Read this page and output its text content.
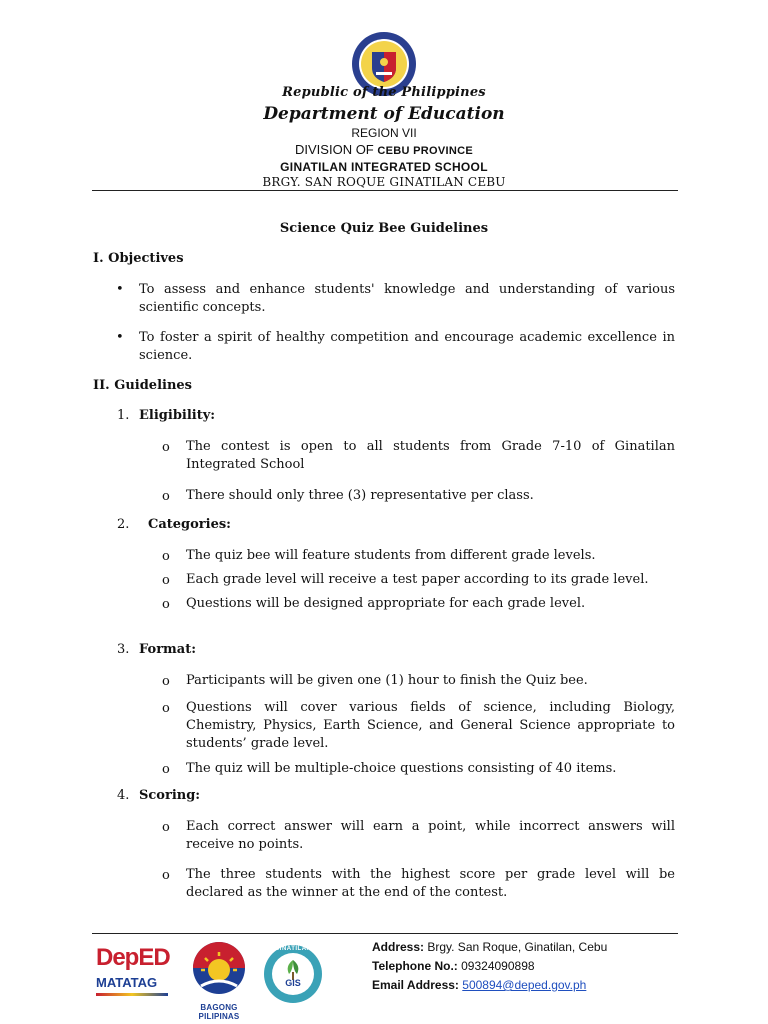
Republic of the Philippines
Department of Education
REGION VII
DIVISION OF CEBU PROVINCE
GINATILAN INTEGRATED SCHOOL
BRGY. SAN ROQUE GINATILAN CEBU
Science Quiz Bee Guidelines
I. Objectives
• To assess and enhance students' knowledge and understanding of various scientific concepts.
• To foster a spirit of healthy competition and encourage academic excellence in science.
II. Guidelines
1. Eligibility:
o The contest is open to all students from Grade 7-10 of Ginatilan Integrated School
o There should only three (3) representative per class.
2. Categories:
o The quiz bee will feature students from different grade levels.
o Each grade level will receive a test paper according to its grade level.
o Questions will be designed appropriate for each grade level.
3. Format:
o Participants will be given one (1) hour to finish the Quiz bee.
o Questions will cover various fields of science, including Biology, Chemistry, Physics, Earth Science, and General Science appropriate to students’ grade level.
o The quiz will be multiple-choice questions consisting of 40 items.
4. Scoring:
o Each correct answer will earn a point, while incorrect answers will receive no points.
o The three students with the highest score per grade level will be declared as the winner at the end of the contest.
DepED
MATATAG
BAGONG PILIPINAS
GIS
GINATILAN	Address: Brgy. San Roque, Ginatilan, Cebu
Telephone No.: 09324090898
Email Address: 500894@deped.gov.ph
